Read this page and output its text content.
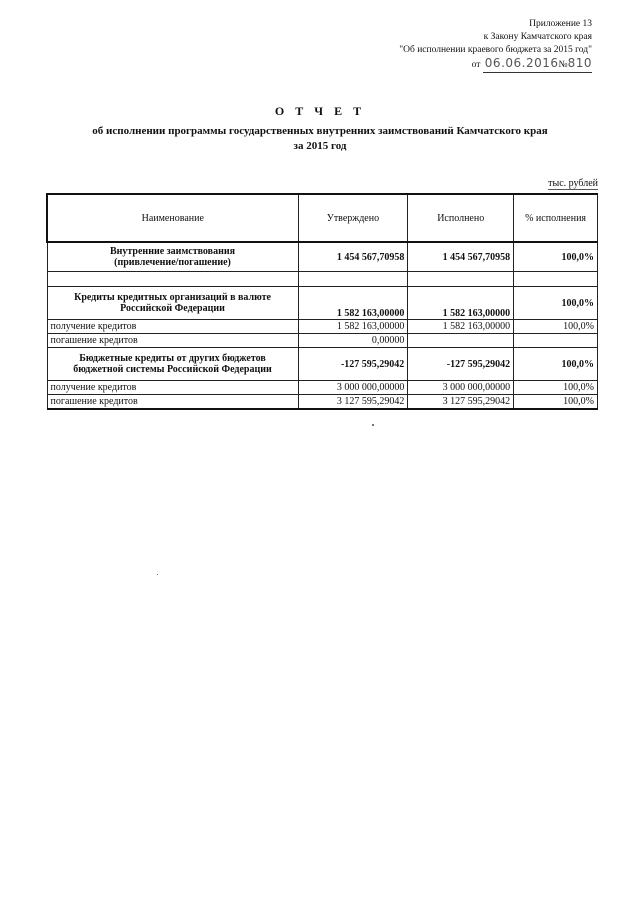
Приложение 13
к Закону Камчатского края
"Об исполнении краевого бюджета за 2015 год"
от 06.06.2016№810
О Т Ч Е Т
об исполнении программы государственных внутренних заимствований Камчатского края
за 2015 год
тыс. рублей
Наименование	Утверждено	Исполнено	% исполнения

Внутренние заимствования
(привлечение/погашение)	1 454 567,70958	1 454 567,70958	100,0%

Кредиты кредитных организаций в валюте
Российской Федерации	1 582 163,00000	1 582 163,00000	100,0%
получение кредитов	1 582 163,00000	1 582 163,00000	100,0%
погашение кредитов	0,00000		

Бюджетные кредиты от других бюджетов
бюджетной системы Российской Федерации	-127 595,29042	-127 595,29042	100,0%
получение кредитов	3 000 000,00000	3 000 000,00000	100,0%
погашение кредитов	3 127 595,29042	3 127 595,29042	100,0%
